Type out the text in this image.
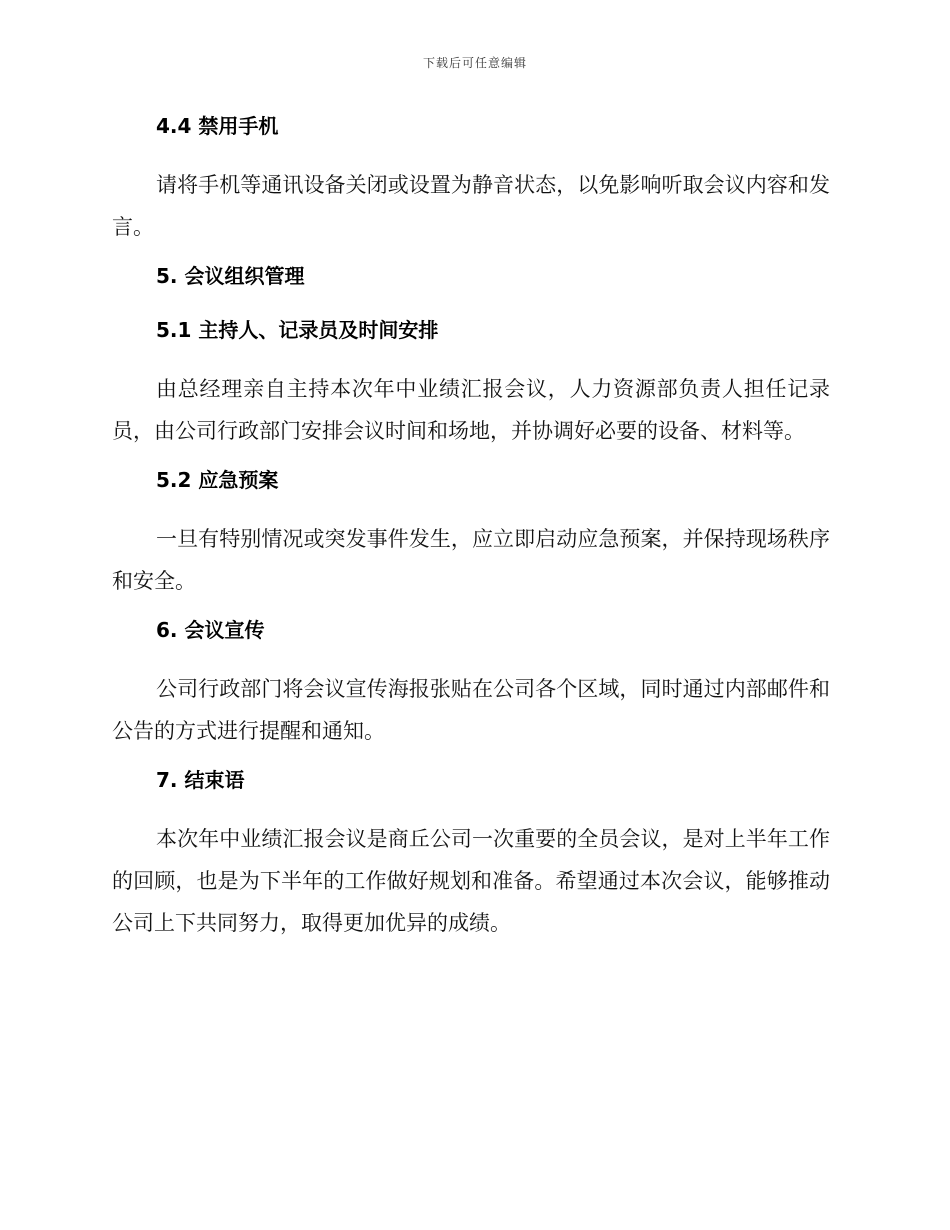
下载后可任意编辑
4.4 禁用手机

请将手机等通讯设备关闭或设置为静音状态，以免影响听取会议内容和发言。

5. 会议组织管理
5.1 主持人、记录员及时间安排

由总经理亲自主持本次年中业绩汇报会议，人力资源部负责人担任记录员，由公司行政部门安排会议时间和场地，并协调好必要的设备、材料等。

5.2 应急预案

一旦有特别情况或突发事件发生，应立即启动应急预案，并保持现场秩序和安全。

6. 会议宣传

公司行政部门将会议宣传海报张贴在公司各个区域，同时通过内部邮件和公告的方式进行提醒和通知。

7. 结束语

本次年中业绩汇报会议是商丘公司一次重要的全员会议，是对上半年工作的回顾，也是为下半年的工作做好规划和准备。希望通过本次会议，能够推动公司上下共同努力，取得更加优异的成绩。
